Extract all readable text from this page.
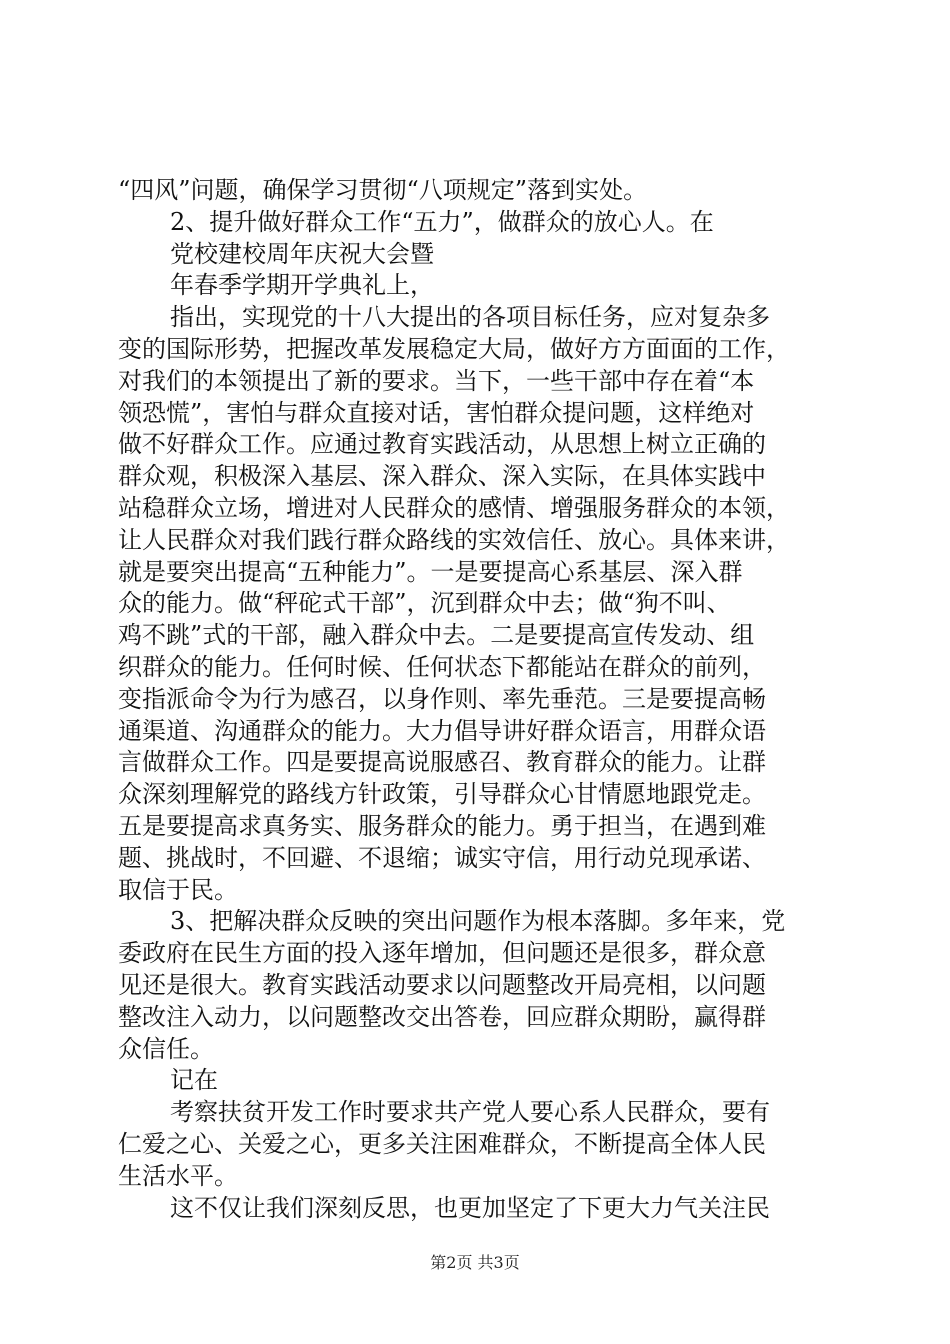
“四风”问题，确保学习贯彻“八项规定”落到实处。
2、提升做好群众工作“五力”，做群众的放心人。在
党校建校周年庆祝大会暨
年春季学期开学典礼上，
指出，实现党的十八大提出的各项目标任务，应对复杂多
变的国际形势，把握改革发展稳定大局，做好方方面面的工作，
对我们的本领提出了新的要求。当下，一些干部中存在着“本
领恐慌”，害怕与群众直接对话，害怕群众提问题，这样绝对
做不好群众工作。应通过教育实践活动，从思想上树立正确的
群众观，积极深入基层、深入群众、深入实际，在具体实践中
站稳群众立场，增进对人民群众的感情、增强服务群众的本领，
让人民群众对我们践行群众路线的实效信任、放心。具体来讲，
就是要突出提高“五种能力”。一是要提高心系基层、深入群
众的能力。做“秤砣式干部”，沉到群众中去；做“狗不叫、
鸡不跳”式的干部，融入群众中去。二是要提高宣传发动、组
织群众的能力。任何时候、任何状态下都能站在群众的前列，
变指派命令为行为感召，以身作则、率先垂范。三是要提高畅
通渠道、沟通群众的能力。大力倡导讲好群众语言，用群众语
言做群众工作。四是要提高说服感召、教育群众的能力。让群
众深刻理解党的路线方针政策，引导群众心甘情愿地跟党走。
五是要提高求真务实、服务群众的能力。勇于担当，在遇到难
题、挑战时，不回避、不退缩；诚实守信，用行动兑现承诺、
取信于民。
3、把解决群众反映的突出问题作为根本落脚。多年来，党
委政府在民生方面的投入逐年增加，但问题还是很多，群众意
见还是很大。教育实践活动要求以问题整改开局亮相，以问题
整改注入动力，以问题整改交出答卷，回应群众期盼，赢得群
众信任。
记在
考察扶贫开发工作时要求共产党人要心系人民群众，要有
仁爱之心、关爱之心，更多关注困难群众，不断提高全体人民
生活水平。
这不仅让我们深刻反思，也更加坚定了下更大力气关注民
第2页 共3页
